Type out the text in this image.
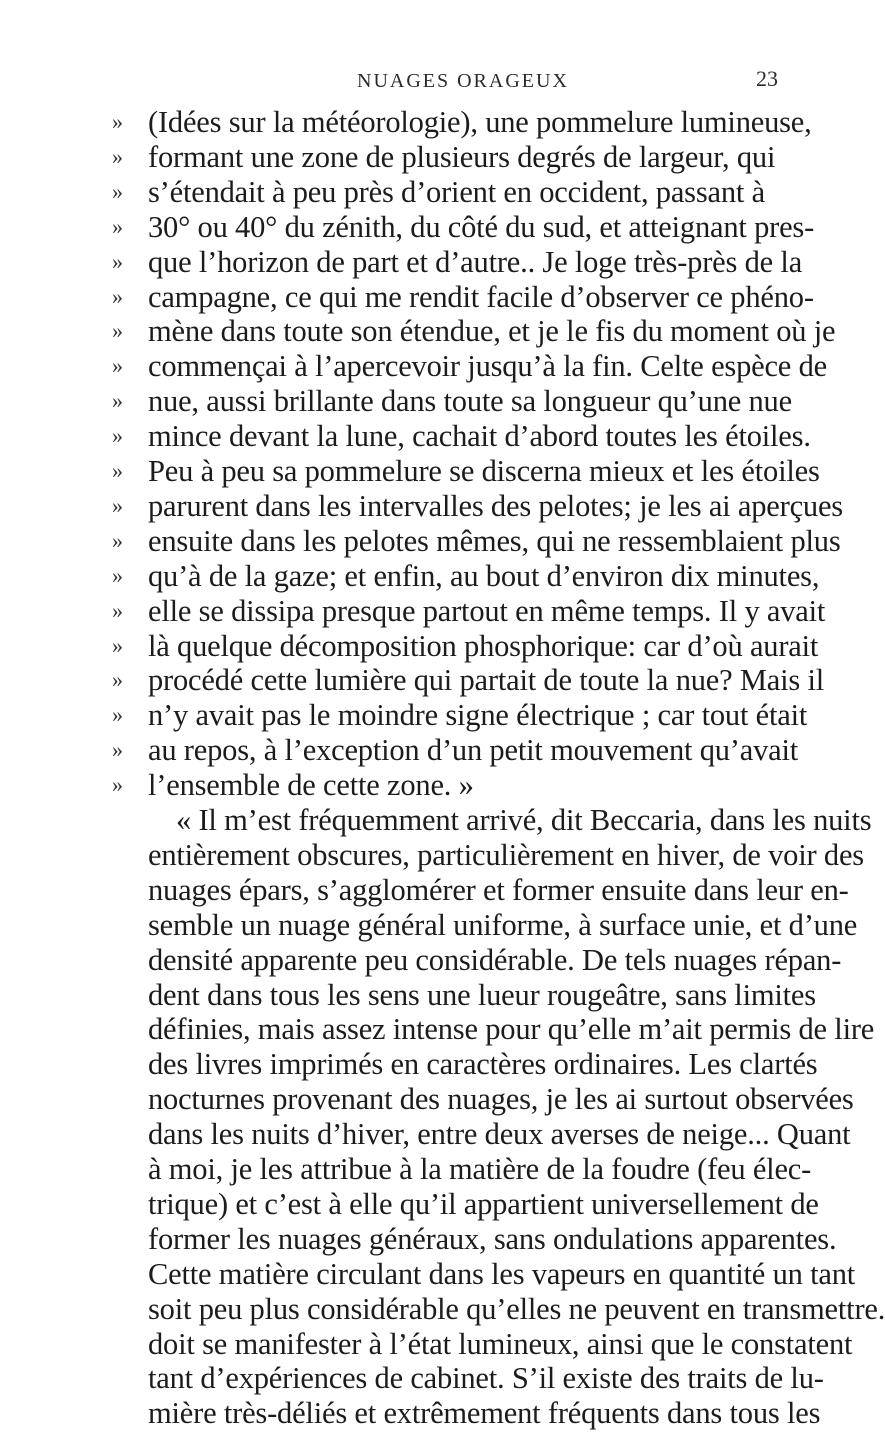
NUAGES ORAGEUX	23
» (Idées sur la météorologie), une pommelure lumineuse,
» formant une zone de plusieurs degrés de largeur, qui
» s’étendait à peu près d’orient en occident, passant à
» 30° ou 40° du zénith, du côté du sud, et atteignant pres-
» que l’horizon de part et d’autre.. Je loge très-près de la
» campagne, ce qui me rendit facile d’observer ce phéno-
» mène dans toute son étendue, et je le fis du moment où je
» commençai à l’apercevoir jusqu’à la fin. Celte espèce de
» nue, aussi brillante dans toute sa longueur qu’une nue
» mince devant la lune, cachait d’abord toutes les étoiles.
» Peu à peu sa pommelure se discerna mieux et les étoiles
» parurent dans les intervalles des pelotes; je les ai aperçues
» ensuite dans les pelotes mêmes, qui ne ressemblaient plus
» qu’à de la gaze; et enfin, au bout d’environ dix minutes,
» elle se dissipa presque partout en même temps. Il y avait
» là quelque décomposition phosphorique: car d’où aurait
» procédé cette lumière qui partait de toute la nue? Mais il
» n’y avait pas le moindre signe électrique ; car tout était
» au repos, à l’exception d’un petit mouvement qu’avait
» l’ensemble de cette zone. »
« Il m’est fréquemment arrivé, dit Beccaria, dans les nuits
entièrement obscures, particulièrement en hiver, de voir des
nuages épars, s’agglomérer et former ensuite dans leur en-
semble un nuage général uniforme, à surface unie, et d’une
densité apparente peu considérable. De tels nuages répan-
dent dans tous les sens une lueur rougeâtre, sans limites
définies, mais assez intense pour qu’elle m’ait permis de lire
des livres imprimés en caractères ordinaires. Les clartés
nocturnes provenant des nuages, je les ai surtout observées
dans les nuits d’hiver, entre deux averses de neige... Quant
à moi, je les attribue à la matière de la foudre (feu élec-
trique) et c’est à elle qu’il appartient universellement de
former les nuages généraux, sans ondulations apparentes.
Cette matière circulant dans les vapeurs en quantité un tant
soit peu plus considérable qu’elles ne peuvent en transmettre.
doit se manifester à l’état lumineux, ainsi que le constatent
tant d’expériences de cabinet. S’il existe des traits de lu-
mière très-déliés et extrêmement fréquents dans tous les
